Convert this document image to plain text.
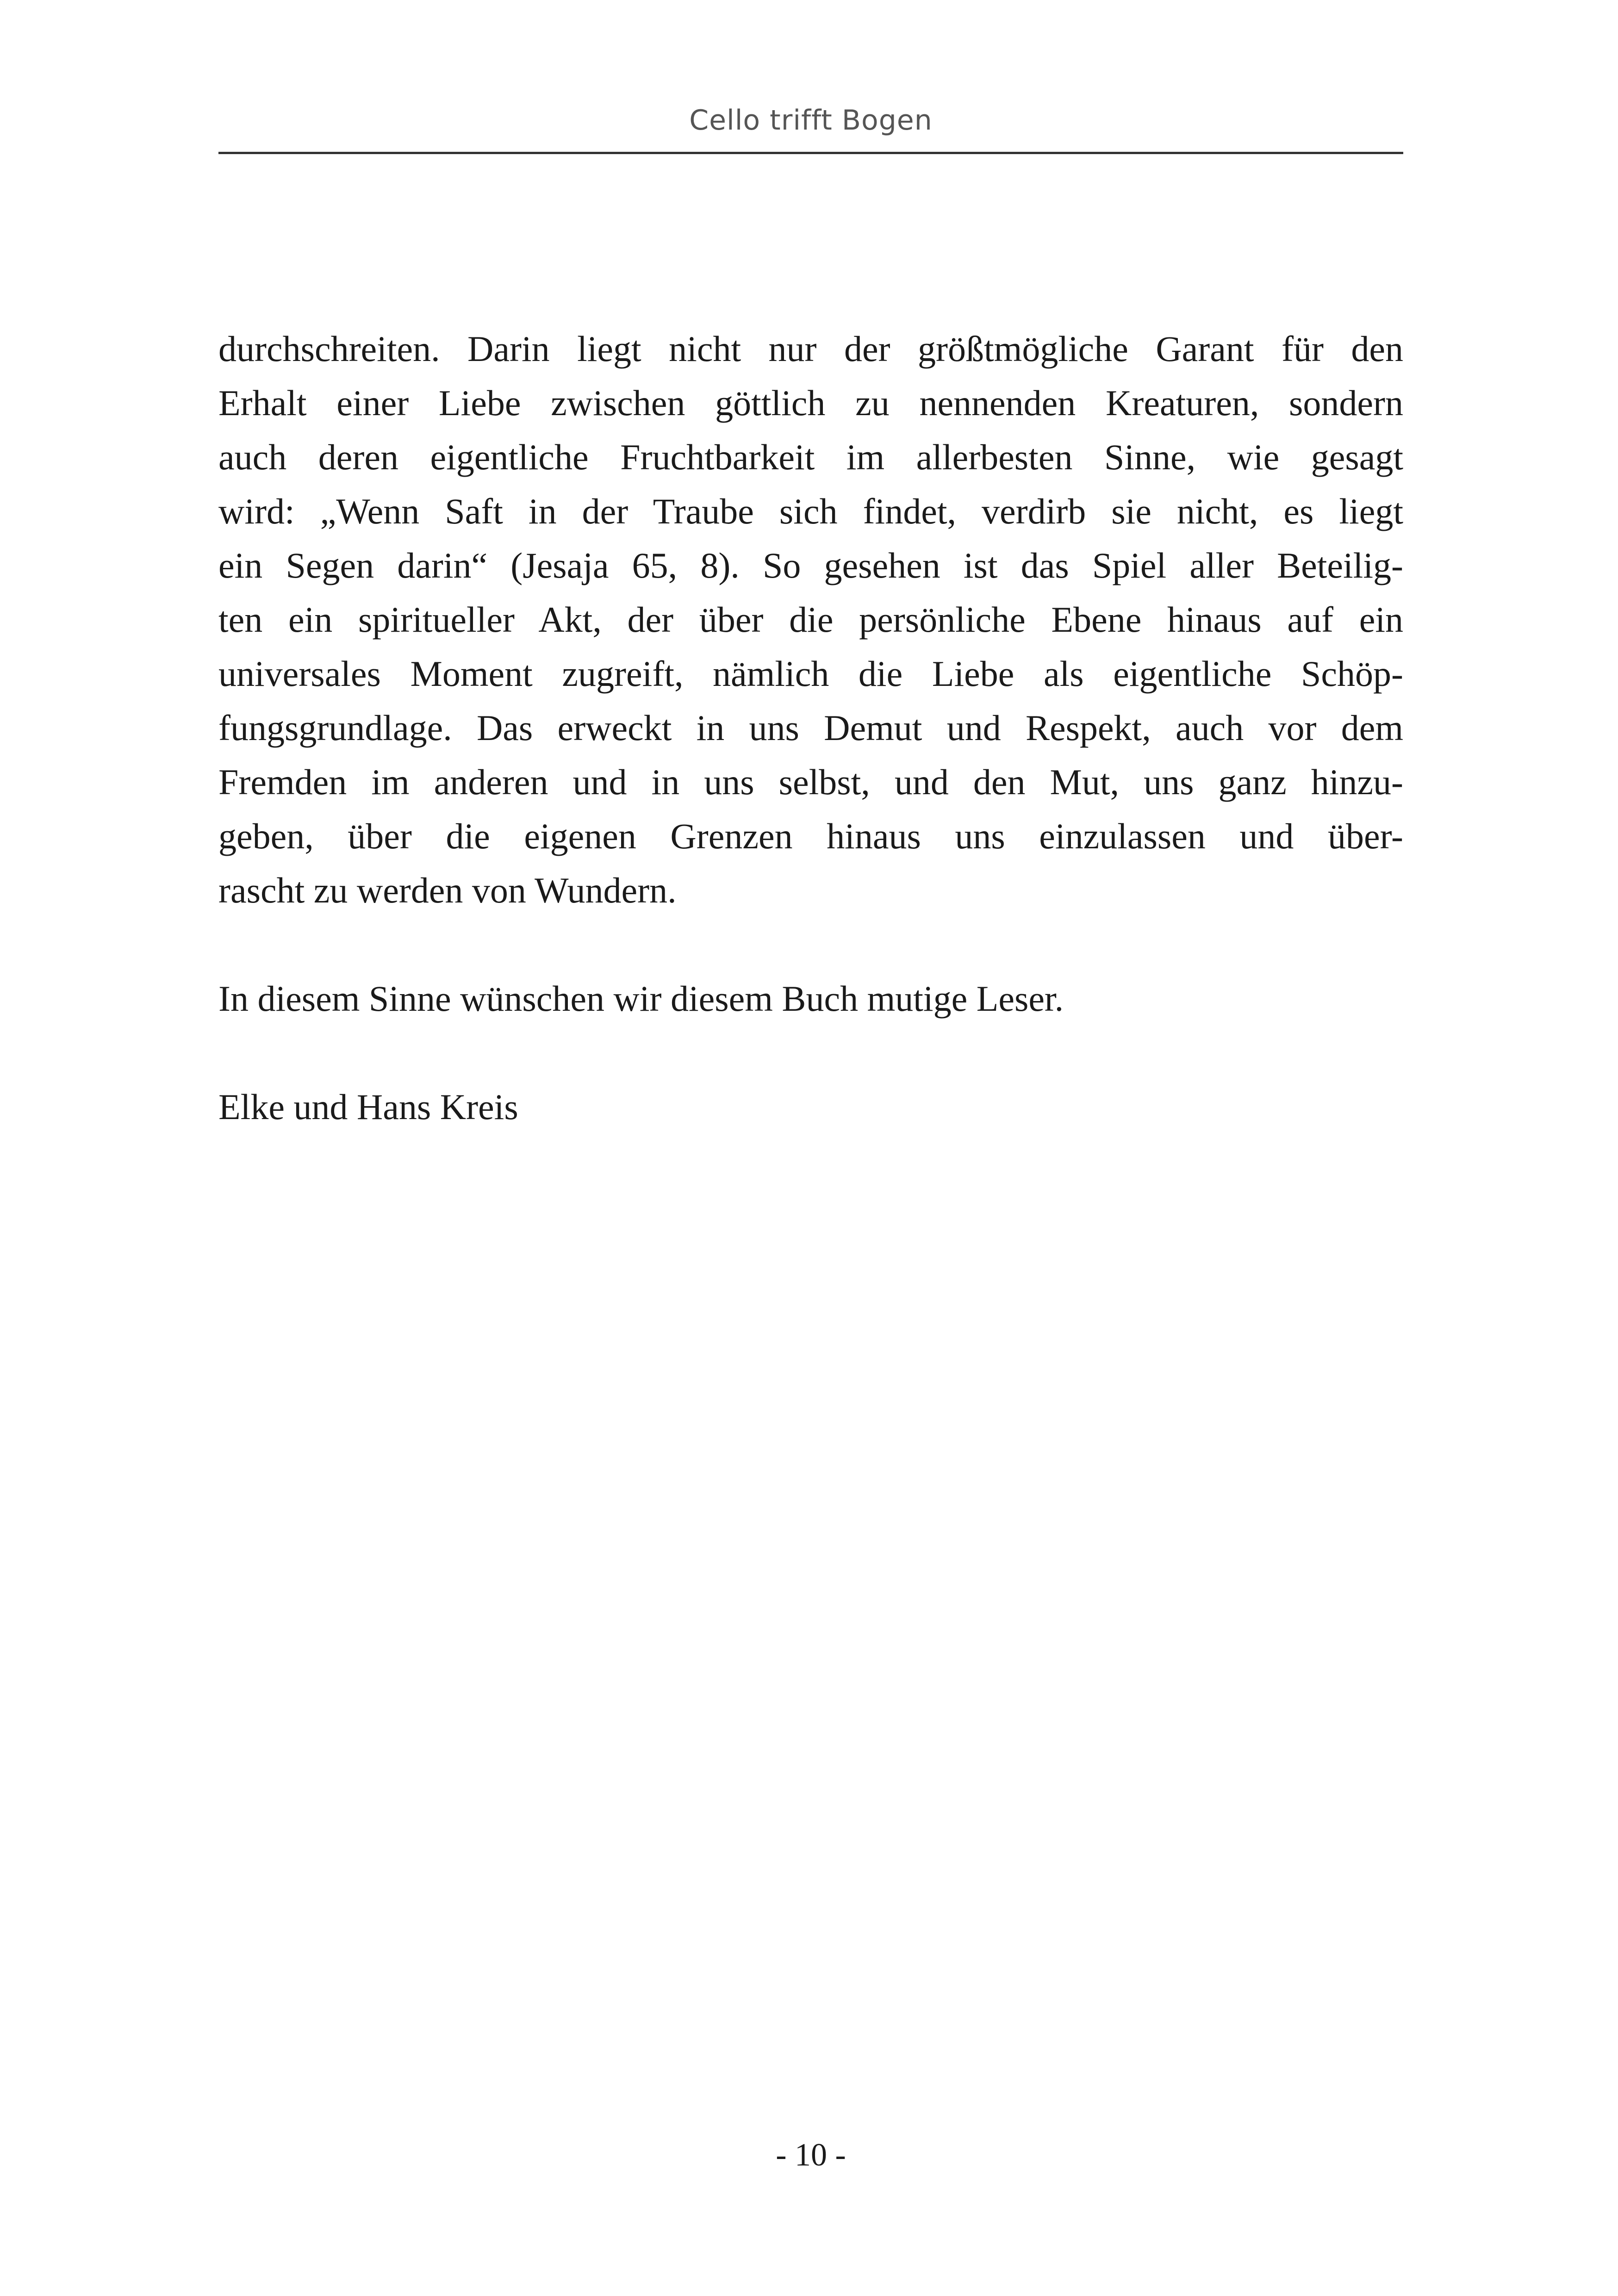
Cello trifft Bogen
durchschreiten. Darin liegt nicht nur der größtmögliche Garant für den
Erhalt einer Liebe zwischen göttlich zu nennenden Kreaturen, sondern
auch deren eigentliche Fruchtbarkeit im allerbesten Sinne, wie gesagt
wird: „Wenn Saft in der Traube sich findet, verdirb sie nicht, es liegt
ein Segen darin“ (Jesaja 65, 8). So gesehen ist das Spiel aller Beteilig-
ten ein spiritueller Akt, der über die persönliche Ebene hinaus auf ein
universales Moment zugreift, nämlich die Liebe als eigentliche Schöp-
fungsgrundlage. Das erweckt in uns Demut und Respekt, auch vor dem
Fremden im anderen und in uns selbst, und den Mut, uns ganz hinzu-
geben, über die eigenen Grenzen hinaus uns einzulassen und über-
rascht zu werden von Wundern.
In diesem Sinne wünschen wir diesem Buch mutige Leser.
Elke und Hans Kreis
- 10 -
